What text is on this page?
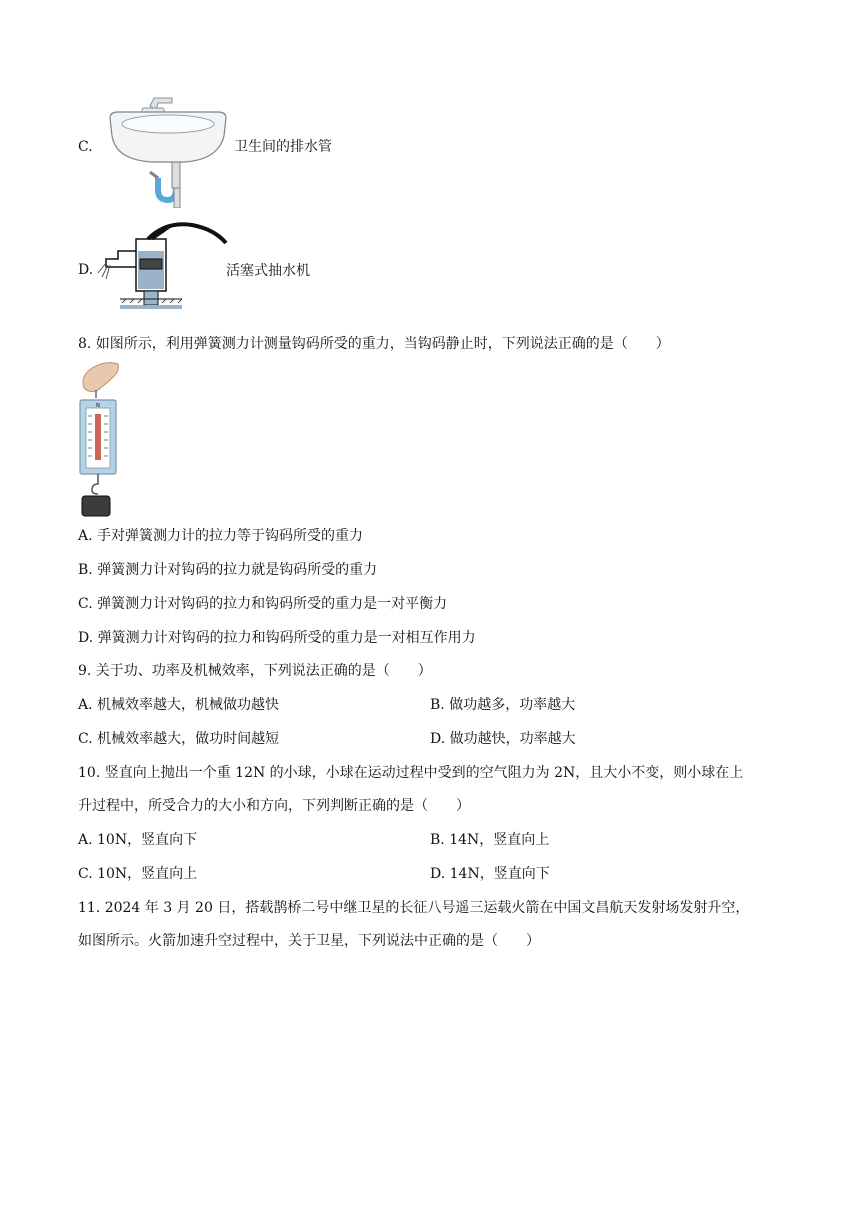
C.	卫生间的排水管
D.	活塞式抽水机
8. 如图所示，利用弹簧测力计测量钩码所受的重力，当钩码静止时，下列说法正确的是（　　）
N
A. 手对弹簧测力计的拉力等于钩码所受的重力
B. 弹簧测力计对钩码的拉力就是钩码所受的重力
C. 弹簧测力计对钩码的拉力和钩码所受的重力是一对平衡力
D. 弹簧测力计对钩码的拉力和钩码所受的重力是一对相互作用力
9. 关于功、功率及机械效率，下列说法正确的是（　　）
A. 机械效率越大，机械做功越快	B. 做功越多，功率越大
C. 机械效率越大，做功时间越短	D. 做功越快，功率越大
10. 竖直向上抛出一个重 12N 的小球，小球在运动过程中受到的空气阻力为 2N，且大小不变，则小球在上
升过程中，所受合力的大小和方向，下列判断正确的是（　　）
A. 10N，竖直向下	B. 14N，竖直向上
C. 10N，竖直向上	D. 14N，竖直向下
11. 2024 年 3 月 20 日，搭载鹊桥二号中继卫星的长征八号遥三运载火箭在中国文昌航天发射场发射升空，
如图所示。火箭加速升空过程中，关于卫星，下列说法中正确的是（　　）
